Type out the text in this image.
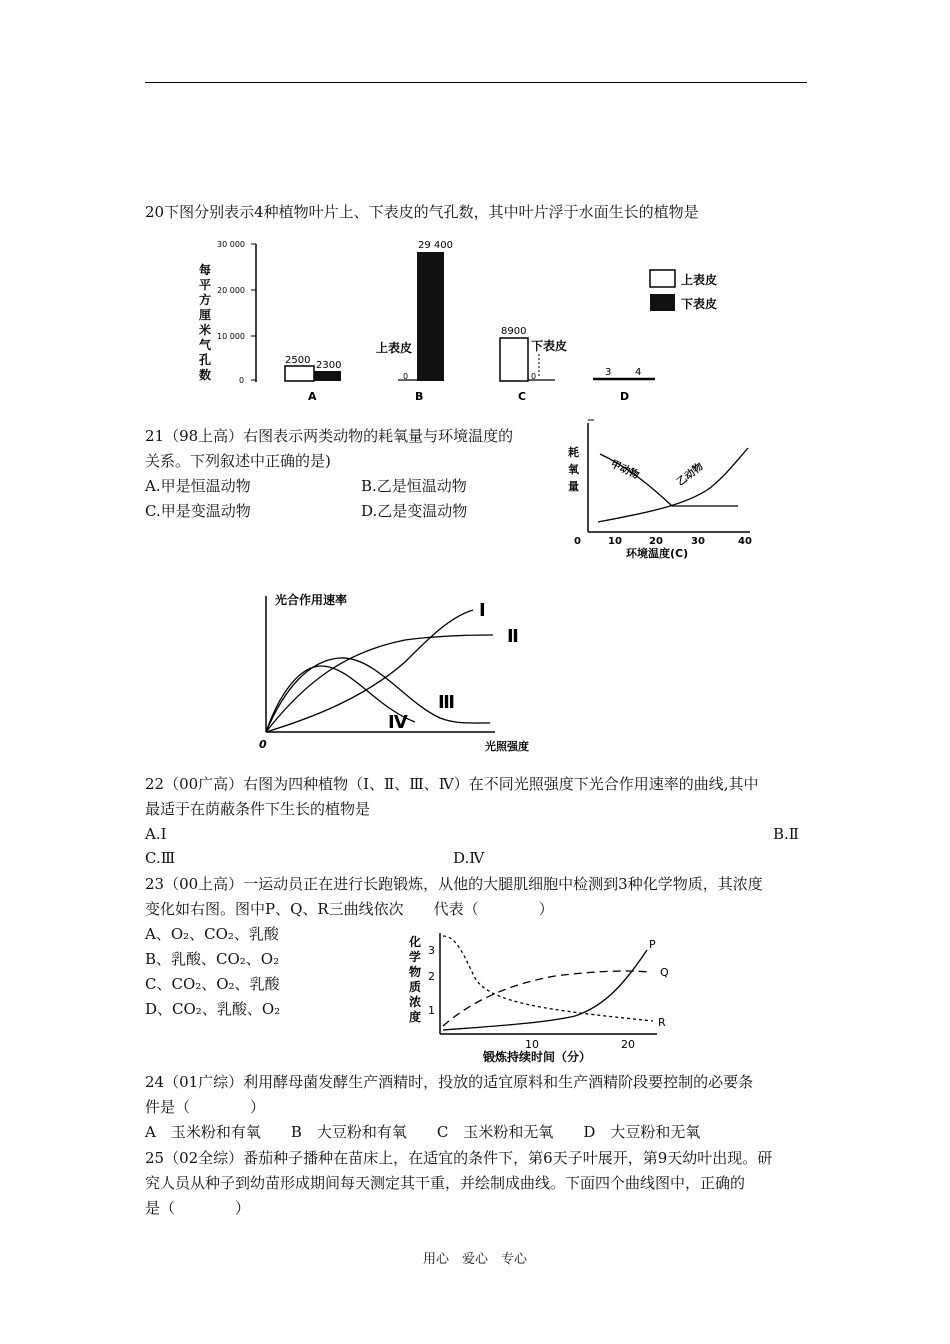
20下图分别表示4种植物叶片上、下表皮的气孔数，其中叶片浮于水面生长的植物是
每平方厘米气孔数
30 000
20 000
10 000
0
2500 2300
A
上表皮
0
29 400
B
8900
下表皮
0
C
3 4
D
上表皮
下表皮
21（98上高）右图表示两类动物的耗氧量与环境温度的
关系。下列叙述中正确的是)
A.甲是恒温动物	B.乙是恒温动物
C.甲是变温动物	D.乙是变温动物
耗
氧
量
甲动物	乙动物
0	10	20	30	40
环境温度(C)
光合作用速率
0	光照强度
Ⅰ
Ⅱ
Ⅲ
Ⅳ
22（00广高）右图为四种植物（Ⅰ、Ⅱ、Ⅲ、Ⅳ）在不同光照强度下光合作用速率的曲线,其中
最适于在荫蔽条件下生长的植物是
A.Ⅰ	B.Ⅱ
C.Ⅲ	D.Ⅳ
23（00上高）一运动员正在进行长跑锻炼，从他的大腿肌细胞中检测到3种化学物质，其浓度
变化如右图。图中P、Q、R三曲线依次　　代表（　　　　）
A、O₂、CO₂、乳酸
B、乳酸、CO₂、O₂
C、CO₂、O₂、乳酸
D、CO₂、乳酸、O₂
化学物质浓度
3
2
1
10	20
锻炼持续时间（分）
P
Q
R
24（01广综）利用酵母菌发酵生产酒精时，投放的适宜原料和生产酒精阶段要控制的必要条
件是（　　　　）
A　玉米粉和有氧　　B　大豆粉和有氧　　C　玉米粉和无氧　　D　大豆粉和无氧
25（02全综）番茄种子播种在苗床上，在适宜的条件下，第6天子叶展开，第9天幼叶出现。研
究人员从种子到幼苗形成期间每天测定其干重，并绘制成曲线。下面四个曲线图中，正确的
是（　　　　）
用心　爱心　专心
